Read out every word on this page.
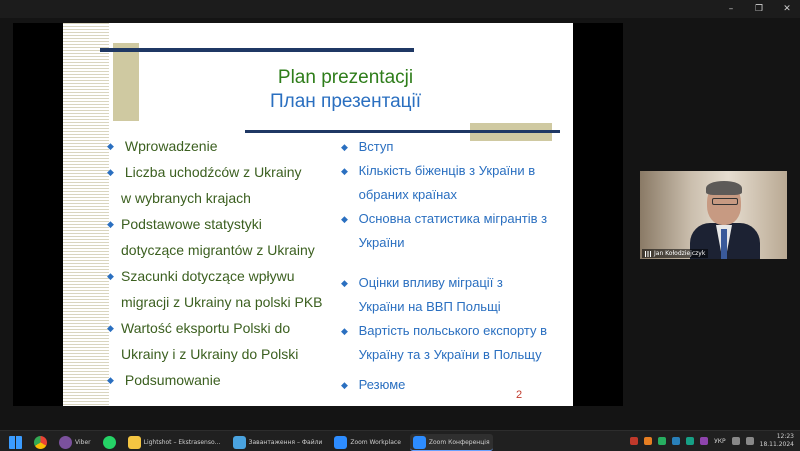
–	❐	✕
Plan prezentacji
План презентації
◆ Wprowadzenie
◆ Liczba uchodźców z Ukrainy
w wybranych krajach
◆ Podstawowe statystyki
dotyczące migrantów z Ukrainy
◆ Szacunki dotyczące wpływu
migracji z Ukrainy na polski PKB
◆ Wartość eksportu Polski do
Ukrainy i z Ukrainy do Polski
◆ Podsumowanie
◆ Вступ
◆ Кількість біженців з України в
обраних країнах
◆ Основна статистика мігрантів з
України
◆ Оцінки впливу міграції з
України на ВВП Польщі
◆ Вартість польського експорту в
Україну та з України в Польщу
◆ Резюме
2
Jan Kołodziejczyk
Viber	Lightshot – Ekstrasenso…	Завантаження – Файли	Zoom Workplace	Zoom Конференція	УКР
12:23
18.11.2024
